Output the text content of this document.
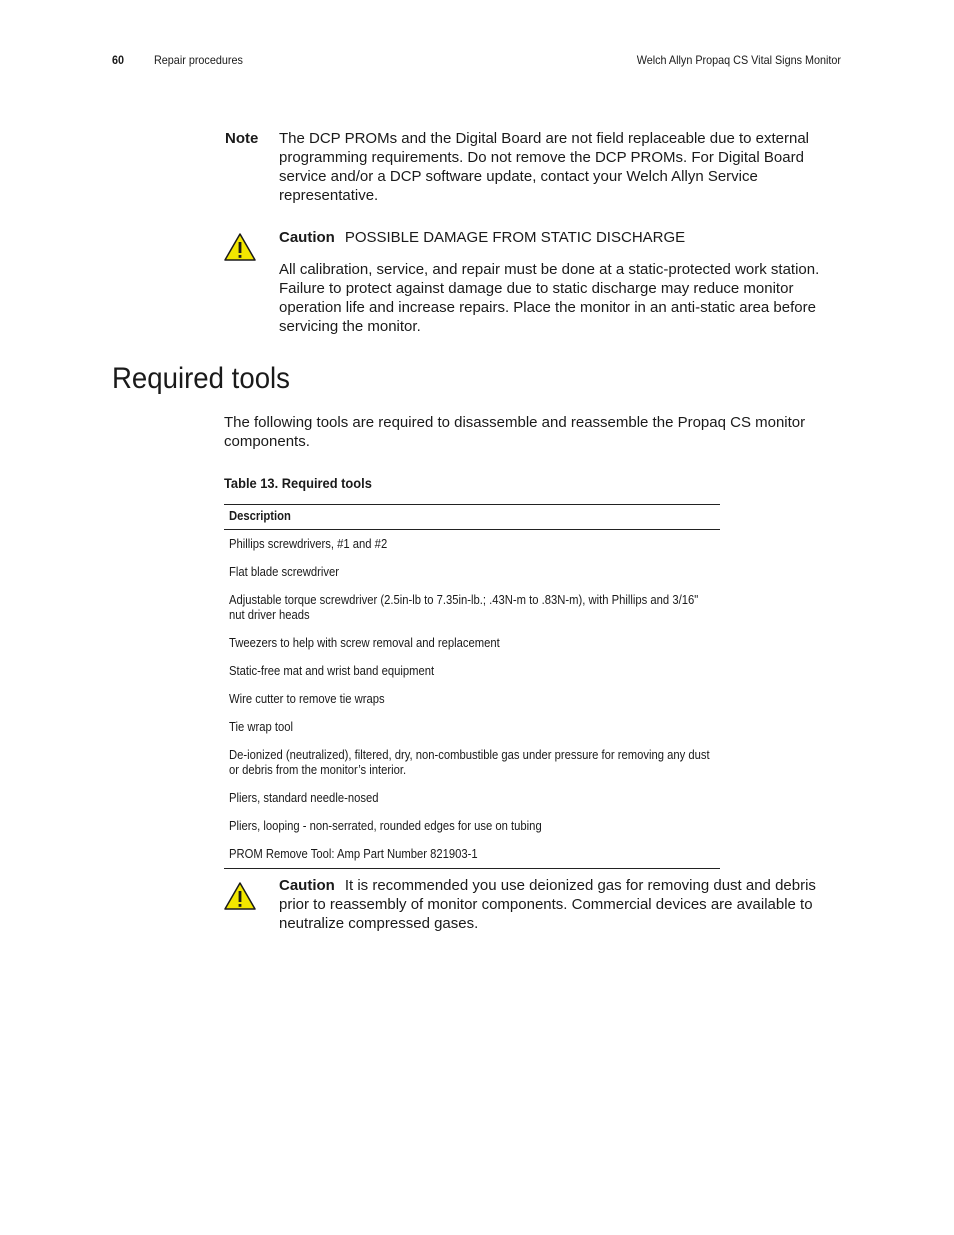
60 Repair procedures	Welch Allyn Propaq CS Vital Signs Monitor
Note The DCP PROMs and the Digital Board are not field replaceable due to external programming requirements. Do not remove the DCP PROMs. For Digital Board service and/or a DCP software update, contact your Welch Allyn Service representative.
Caution POSSIBLE DAMAGE FROM STATIC DISCHARGE
All calibration, service, and repair must be done at a static-protected work station. Failure to protect against damage due to static discharge may reduce monitor operation life and increase repairs. Place the monitor in an anti-static area before servicing the monitor.
Required tools
The following tools are required to disassemble and reassemble the Propaq CS monitor components.
Table 13. Required tools
Description
Phillips screwdrivers, #1 and #2
Flat blade screwdriver
Adjustable torque screwdriver (2.5in-lb to 7.35in-lb.; .43N-m to .83N-m), with Phillips and 3/16" nut driver heads
Tweezers to help with screw removal and replacement
Static-free mat and wrist band equipment
Wire cutter to remove tie wraps
Tie wrap tool
De-ionized (neutralized), filtered, dry, non-combustible gas under pressure for removing any dust or debris from the monitor’s interior.
Pliers, standard needle-nosed
Pliers, looping - non-serrated, rounded edges for use on tubing
PROM Remove Tool: Amp Part Number 821903-1
Caution It is recommended you use deionized gas for removing dust and debris prior to reassembly of monitor components. Commercial devices are available to neutralize compressed gases.
